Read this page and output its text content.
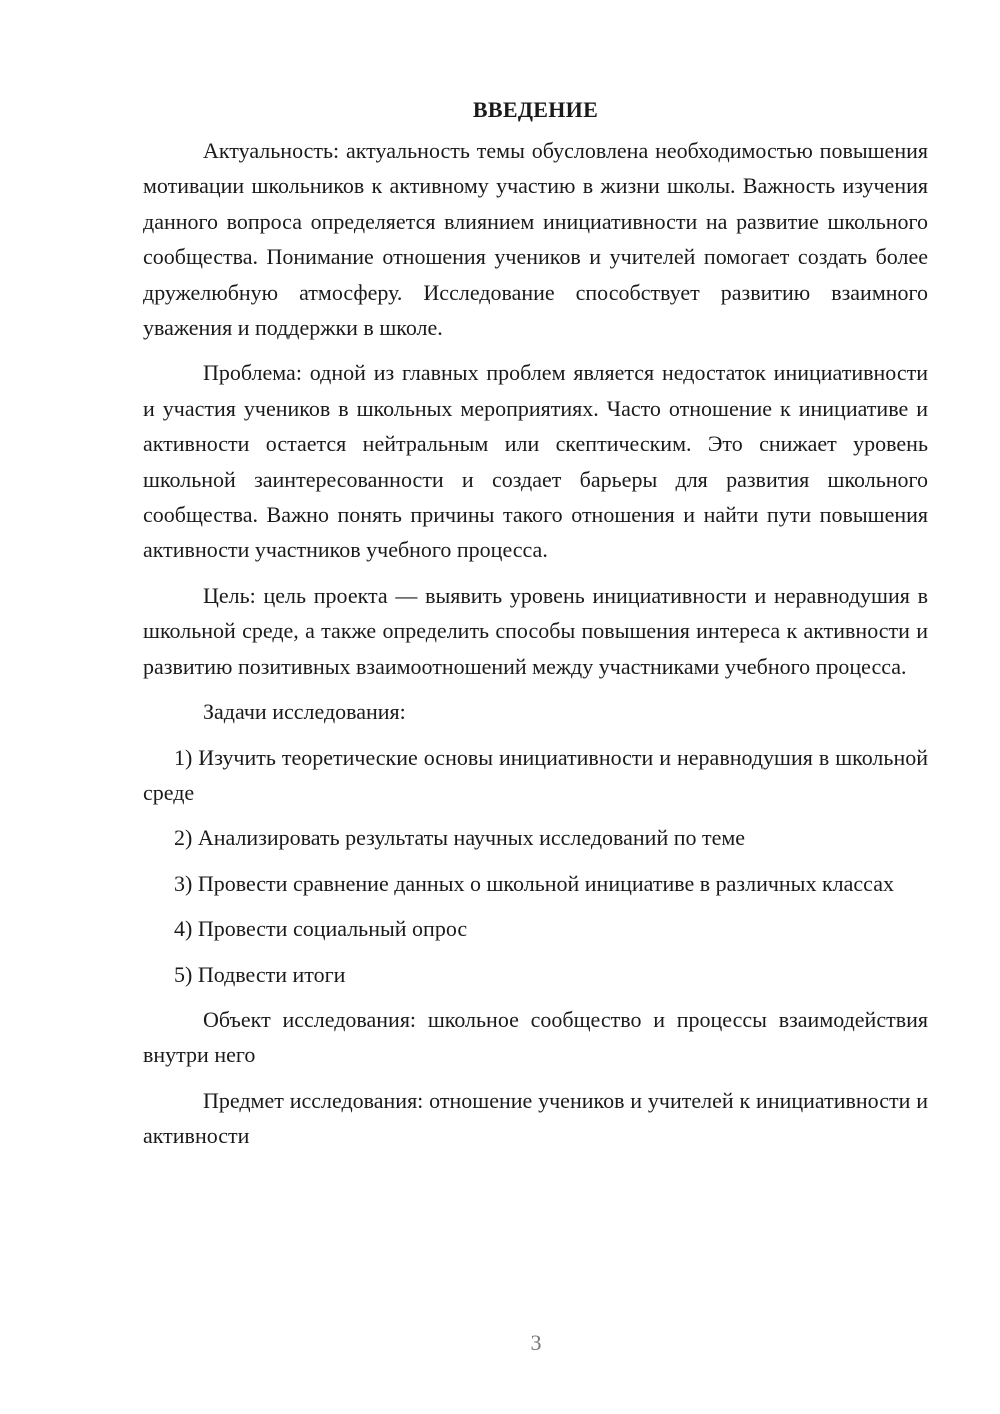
ВВЕДЕНИЕ

Актуальность: актуальность темы обусловлена необходимостью повышения мотивации школьников к активному участию в жизни школы. Важность изучения данного вопроса определяется влиянием инициативности на развитие школьного сообщества. Понимание отношения учеников и учителей помогает создать более дружелюбную атмосферу. Исследование способствует развитию взаимного уважения и поддержки в школе.

Проблема: одной из главных проблем является недостаток инициативности и участия учеников в школьных мероприятиях. Часто отношение к инициативе и активности остается нейтральным или скептическим. Это снижает уровень школьной заинтересованности и создает барьеры для развития школьного сообщества. Важно понять причины такого отношения и найти пути повышения активности участников учебного процесса.

Цель: цель проекта — выявить уровень инициативности и неравнодушия в школьной среде, а также определить способы повышения интереса к активности и развитию позитивных взаимоотношений между участниками учебного процесса.

Задачи исследования:

1) Изучить теоретические основы инициативности и неравнодушия в школьной среде

2) Анализировать результаты научных исследований по теме

3) Провести сравнение данных о школьной инициативе в различных классах

4) Провести социальный опрос

5) Подвести итоги

Объект исследования: школьное сообщество и процессы взаимодействия внутри него

Предмет исследования: отношение учеников и учителей к инициативности и активности

3
